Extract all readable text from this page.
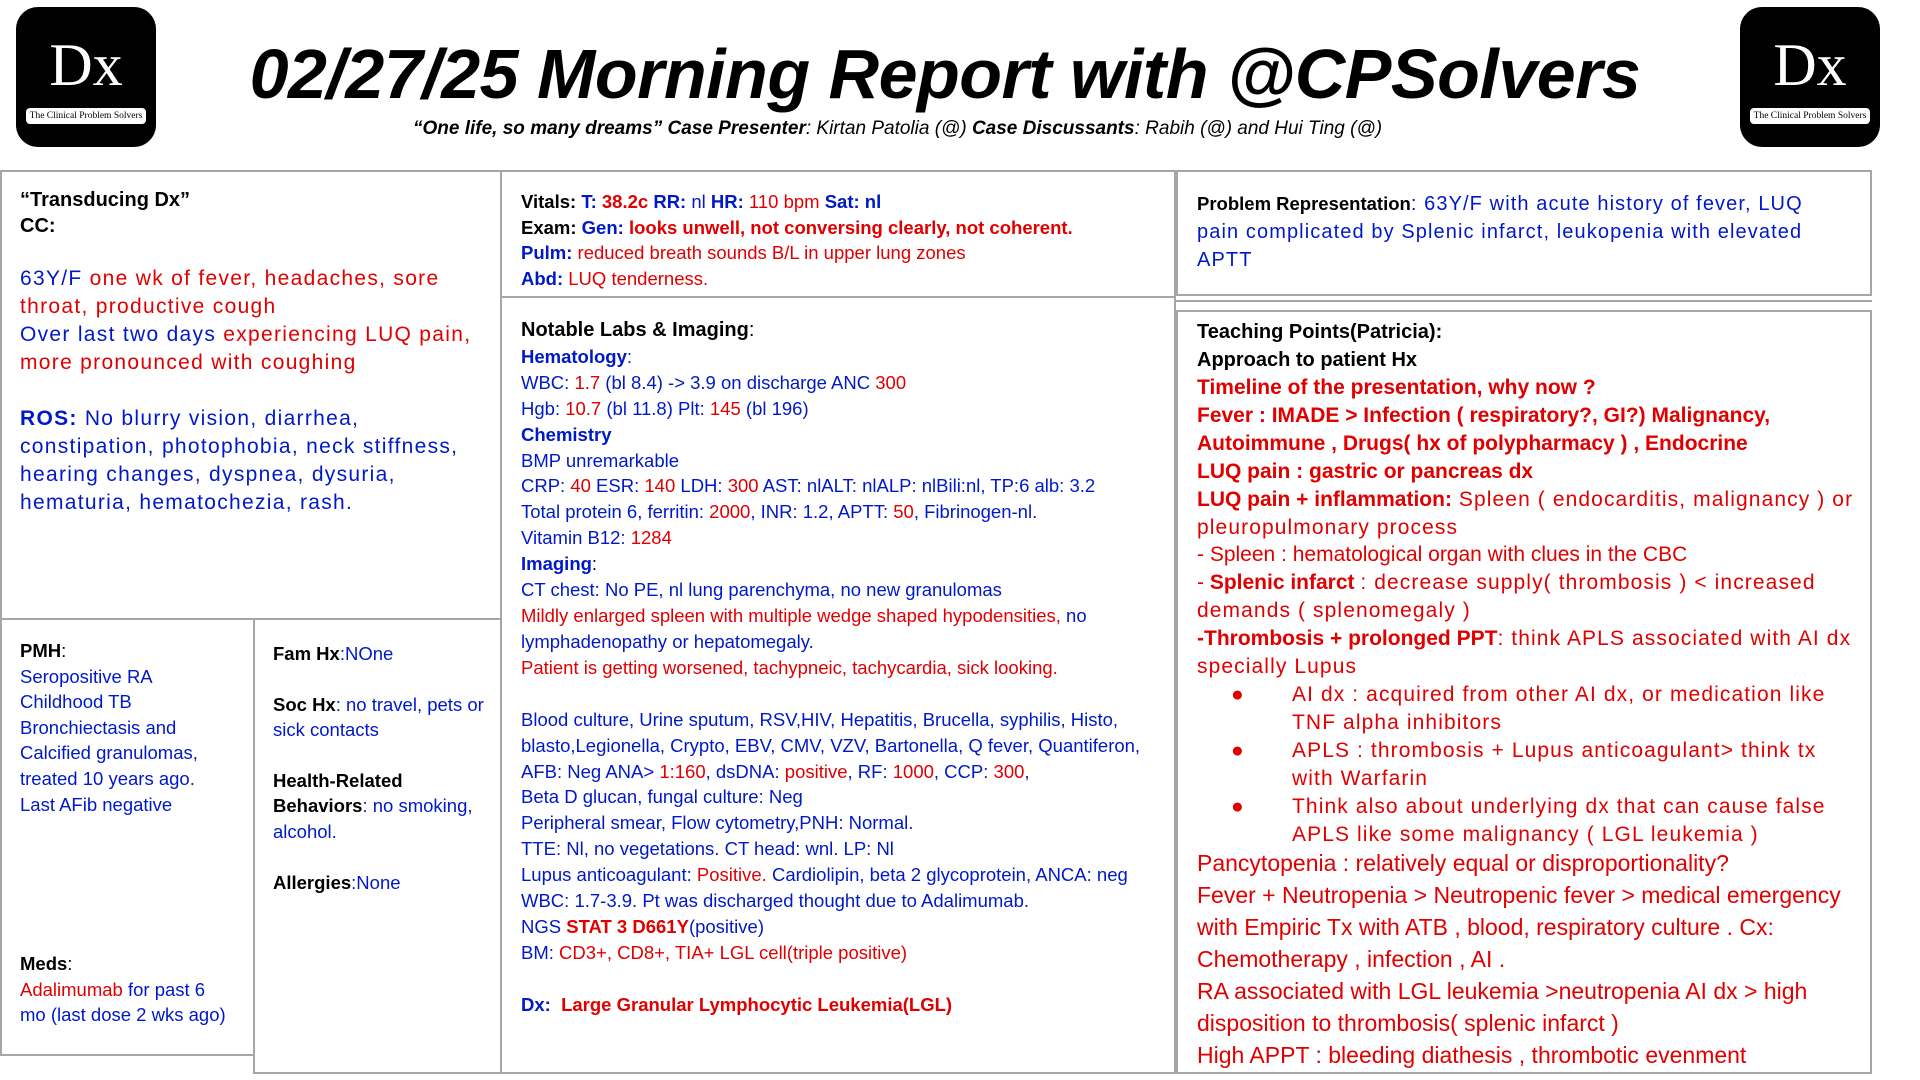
Dx
The Clinical Problem Solvers
Dx
The Clinical Problem Solvers
02/27/25 Morning Report with @CPSolvers
“One life, so many dreams” Case Presenter: Kirtan Patolia (@) Case Discussants: Rabih (@) and Hui Ting (@)
“Transducing Dx”
CC:
63Y/F one wk of fever, headaches, sore throat, productive cough
Over last two days experiencing LUQ pain, more pronounced with coughing
ROS: No blurry vision, diarrhea, constipation, photophobia, neck stiffness, hearing changes, dyspnea, dysuria, hematuria, hematochezia, rash.
PMH:
Seropositive RA
Childhood TB
Bronchiectasis and
Calcified granulomas,
treated 10 years ago.
Last AFib negative
Meds:
Adalimumab for past 6
mo (last dose 2 wks ago)
Fam Hx:NOne
Soc Hx: no travel, pets or sick contacts
Health-Related Behaviors: no smoking, alcohol.
Allergies:None
Vitals: T: 38.2c RR: nl HR: 110 bpm Sat: nl
Exam: Gen: looks unwell, not conversing clearly, not coherent.
Pulm: reduced breath sounds B/L in upper lung zones
Abd: LUQ tenderness.
Notable Labs & Imaging:
Hematology:
WBC: 1.7 (bl 8.4) -> 3.9 on discharge ANC 300
Hgb: 10.7 (bl 11.8) Plt: 145 (bl 196)
Chemistry
BMP unremarkable
CRP: 40 ESR: 140 LDH: 300 AST: nlALT: nlALP: nlBili:nl, TP:6 alb: 3.2
Total protein 6, ferritin: 2000, INR: 1.2, APTT: 50, Fibrinogen-nl.
Vitamin B12: 1284
Imaging:
CT chest: No PE, nl lung parenchyma, no new granulomas
Mildly enlarged spleen with multiple wedge shaped hypodensities, no lymphadenopathy or hepatomegaly.
Patient is getting worsened, tachypneic, tachycardia, sick looking.
Blood culture, Urine sputum, RSV,HIV, Hepatitis, Brucella, syphilis, Histo, blasto,Legionella, Crypto, EBV, CMV, VZV, Bartonella, Q fever, Quantiferon, AFB: Neg ANA> 1:160, dsDNA: positive, RF: 1000, CCP: 300,
Beta D glucan, fungal culture: Neg
Peripheral smear, Flow cytometry,PNH: Normal.
TTE: Nl, no vegetations. CT head: wnl. LP: Nl
Lupus anticoagulant: Positive. Cardiolipin, beta 2 glycoprotein, ANCA: neg
WBC: 1.7-3.9. Pt was discharged thought due to Adalimumab.
NGS STAT 3 D661Y(positive)
BM: CD3+, CD8+, TIA+ LGL cell(triple positive)
Dx: Large Granular Lymphocytic Leukemia(LGL)
Problem Representation: 63Y/F with acute history of fever, LUQ pain complicated by Splenic infarct, leukopenia with elevated APTT
Teaching Points(Patricia):
Approach to patient Hx
Timeline of the presentation, why now ?
Fever : IMADE > Infection ( respiratory?, GI?) Malignancy, Autoimmune , Drugs( hx of polypharmacy ) , Endocrine
LUQ pain : gastric or pancreas dx
LUQ pain + inflammation: Spleen ( endocarditis, malignancy ) or pleuropulmonary process
- Spleen : hematological organ with clues in the CBC
- Splenic infarct : decrease supply( thrombosis ) < increased demands ( splenomegaly )
-Thrombosis + prolonged PPT: think APLS associated with AI dx specially Lupus
● AI dx : acquired from other AI dx, or medication like TNF alpha inhibitors
● APLS : thrombosis + Lupus anticoagulant> think tx with Warfarin
● Think also about underlying dx that can cause false APLS like some malignancy ( LGL leukemia )
Pancytopenia : relatively equal or disproportionality?
Fever + Neutropenia > Neutropenic fever > medical emergency with Empiric Tx with ATB , blood, respiratory culture . Cx: Chemotherapy , infection , AI .
RA associated with LGL leukemia >neutropenia AI dx > high disposition to thrombosis( splenic infarct )
High APPT : bleeding diathesis , thrombotic evenment
